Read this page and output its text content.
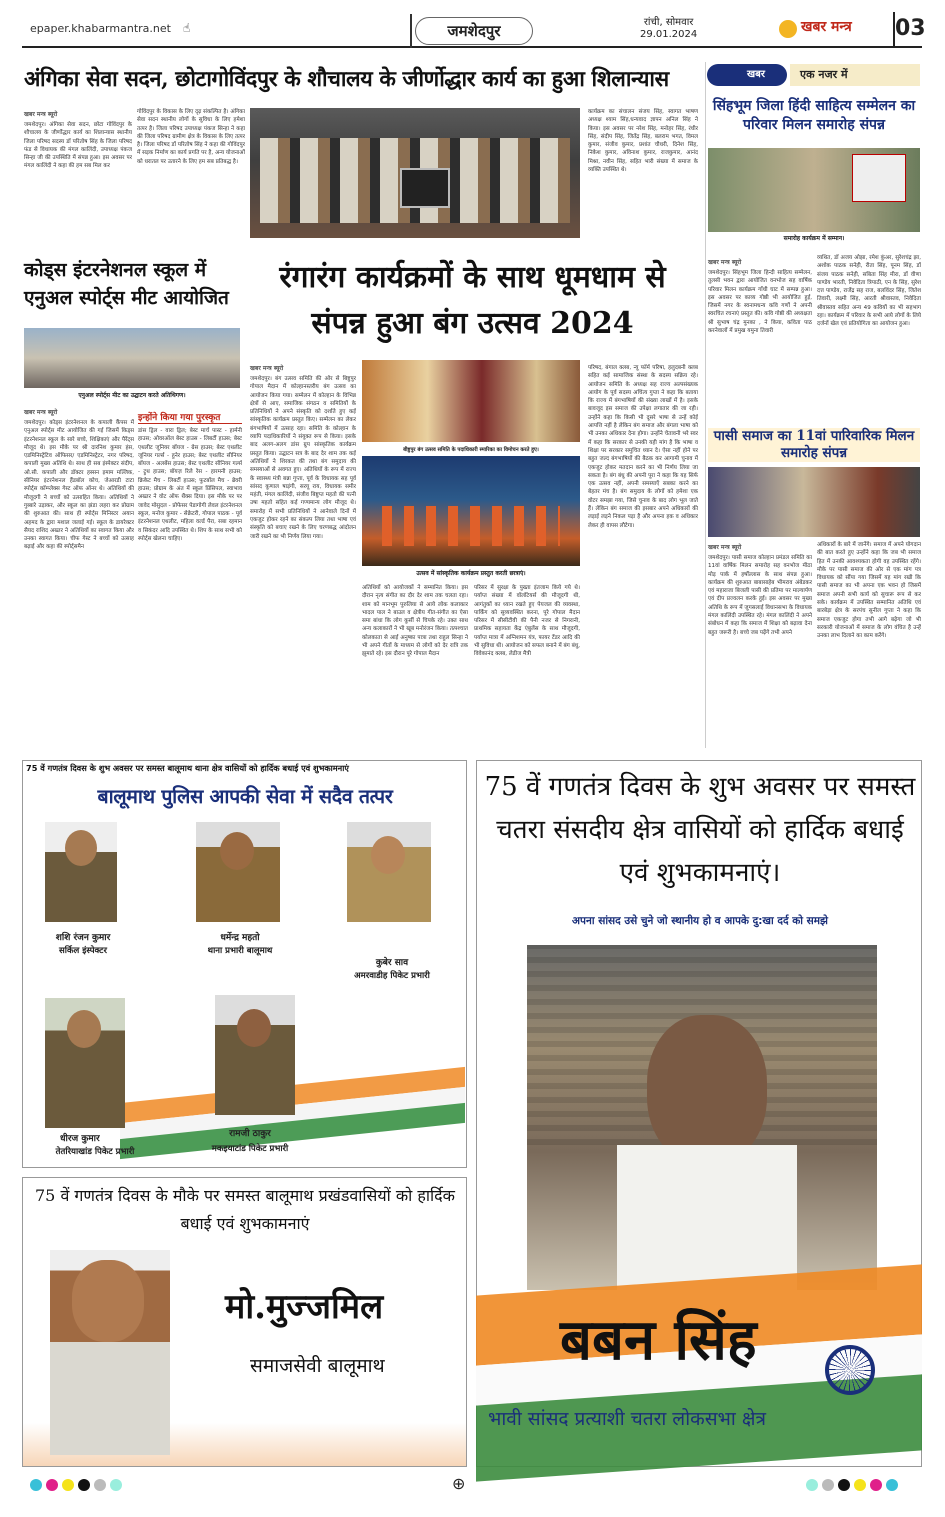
epaper.khabarmantra.net ☝	जमशेदपुर	रांची, सोमवार
29.01.2024	खबर मन्त्र 03
अंगिका सेवा सदन, छोटागोविंदपुर के शौचालय के जीर्णोद्धार कार्य का हुआ शिलान्यास
खबर मन्त्र ब्यूरो
जमशेदपुर। अंगिका सेवा सदन, छोटा गोविंदपुर के शौचालय के जीर्णोद्धार कार्य का शिलान्यास स्थानीय जिला परिषद सदस्य डॉ परितोष सिंह के जिला परिषद फंड से विधायक की मंगल कालिंदी, उपाध्यक्ष पंकज सिन्हा जी की उपस्थिति में संपन्न हुआ। इस अवसर पर मंगल कालिंदी ने कहा की हम सब मिल कर
गोविंदपुर के विकास के लिए दृढ़ संकल्पित है। अंगिका सेवा सदन स्थानीय लोगों के सुविधा के लिए हमेशा तत्पर है। जिला परिषद उपाध्यक्ष पंकज सिन्हा ने कहा की जिला परिषद ग्रामीण क्षेत्र के विकास के लिए तत्पर है। जिला परिषद डॉ परितोष सिंह ने कहा की गोविंदपुर में सड़क निर्माण का कार्य प्रगति पर है, अन्य योजनाओं को धरातल पर उतारने के लिए हम सब प्रतिबद्ध है।
कार्यक्रम का संचालन संजय सिंह, स्वागत भाषण अध्यक्ष श्याम सिंह,धन्यवाद ज्ञापन अनिल सिंह ने किया। इस अवसर पर नरेश सिंह, मनोहर सिंह, रंधीर सिंह, संदीप सिंह, जितेंद्र सिंह, बलराम भगत, विमल कुमार, संजीव कुमार, प्रशांत चौधरी, दिनेश सिंह, निकेश कुमार, अविनाश कुमार, राजकुमार, आनंद मिश्रा, नवीन सिंह, सहित भारी संख्या में समाज के व्यक्ति उपस्थित थे।
खबर	एक नजर में
सिंहभूम जिला हिंदी साहित्य सम्मेलन का परिवार मिलन समारोह संपन्न
समारोह कार्यक्रम में सम्मान।
खबर मन्त्र ब्यूरो
जमशेदपुर। सिंहभूम जिला हिन्दी साहित्य सम्मेलन, तुलसी भवन द्वारा आयोजित वनभोज सह वार्षिक परिवार मिलन कार्यक्रम गाँधी घाट में सम्पन्न हुआ। इस अवसर पर काव्य गोष्ठी भी आयोजित हुई, जिसमें नगर के स्वनामधन्य कवि गणों ने अपनी स्वरचित रचनाएं प्रस्तुत की। कवि गोष्ठी की अध्यक्षता श्री सुभाष चंद्र मुनका , ने किया, कविता पाठ करनेवालों में प्रमुख यमुना तिवारी
व्यथित, डॉ अजय ओझा, रमेश कुंअर, सुरेशचंद्र झा, अशोक पाठक सनेही, रीता सिंह, पूनम सिंह, डॉ संजय पाठक सनेही, सबिता सिंह मीरा, डॉ वीणा पाण्डेय भारती, निवेदिता त्रिपाठी, एन के सिंह, सुरेश दत्त पाण्डेय, राजेंद्र सह राज, बलविंदर सिंह, जितेश तिवारी, लक्ष्मी सिंह, आरती श्रीवास्तव, निवेदिता श्रीवास्तव सहित अन्य 49 कवियों का भी सहभाग रहा। कार्यक्रम में परिवार के सभी आये लोगों के लिये दर्जनों खेल एवं प्रतियोगिता का आयोजन हुआ।
पासी समाज का 11वां पारिवारिक मिलन समारोह संपन्न
खबर मन्त्र ब्यूरो
जमशेदपुर। पासी समाज कोल्हान प्रमंडल समिति का 11वां वार्षिक मिलन समारोह सह वनभोज मीठा मोड़ पार्क में हर्षोल्लास के साथ संपन्न हुआ। कार्यक्रम की शुरुआत बाबासाहेब भीमराव अंबेडकर एवं महाराजा बिजली पासी की प्रतिमा पर माल्यार्पण एवं दीप प्रज्वलन करके हुई। इस अवसर पर मुख्य अतिथि के रूप में जुगसलाई विधानसभा के विधायक मंगल कालिंदी उपस्थित रहे। मंगल कालिंदी ने अपने संबोधन में कहा कि समाज में शिक्षा को बढ़ावा देना बहुत जरूरी है। बच्चे जब पढ़ेंगे तभी अपने
अधिकारों के बारे में जानेंगे। समाज में अपने योगदान की बात करते हुए उन्होंने कहा कि जब भी समाज हित में उनकी आवश्यकता होगी वह उपस्थित रहेंगे। मौके पर पासी समाज की ओर से एक मांग पत्र विधायक को सौंपा गया जिसमें यह मांग रखी कि पासी समाज का भी अपना एक भवन हो जिसमें समाज अपनी सभी कार्य को सुचारू रूप से कर सके। कार्यक्रम में उपस्थित सम्मानित अतिथि एवं बारबेड़ा क्षेत्र के सरपंच सुनील गुप्ता ने कहा कि समाज एकजुट होगा तभी आगे बढ़ेगा जो भी सरकारी योजनाओं में समाज के लोग वंचित है उन्हें उनका लाभ दिलाने का काम करेंगे।
कोड्स इंटरनेशनल स्कूल में एनुअल स्पोर्ट्स मीट आयोजित
एनुअल स्पोर्ट्स मीट का उद्घाटन करते अतिथिगण।
खबर मन्त्र ब्यूरो
जमशेदपुर। कोड्स इंटरनेशनल के कपाली कैंपस में एनुअल स्पोर्ट्स मीट आयोजित की गई जिसमें किड्स इंटरनेशनल स्कूल के सारे बच्चे, शिक्षिकाएं और पैरेंट्स मौजूद थे। इस मौके पर श्री दारनिश कुमार हंस, एडमिनिस्ट्रेटिव ऑफिसर/ एडमिनिस्ट्रेटर, नगर परिषद, कपाली मुख्य अतिथि थे। साथ ही सब इंस्पेक्टर संदीप, ओ.सी. कपाली और डॉक्टर हस्सन इमाम मल्लिक, सीनियर इंटरनेशनल हैंडबॉल कोच, जेआरडी टाटा स्पोर्ट्स कॉम्प्लेक्स गेस्ट ऑफ ऑनर थे। अतिथियों की मौजूदगी ने बच्चों को उत्साहित किया। अतिथियों ने गुब्बारे उड़ाकर, और स्कूल का झंडा लहरा कर प्रोग्राम की शुरुआत की। साथ ही स्पोर्ट्स मिनिस्टर अयान अहमद के द्वारा मशाल जलाई गई। स्कूल के डायरेक्टर सैयद राशिद अख्तर ने अतिथियों का स्वागत किया और उनका स्वागत किया। चीफ गेस्ट ने बच्चों को उत्साह बढ़ाई और कहा की स्पोर्ट्समैन
इन्होंने किया गया पुरस्कृत
डांस ड्रिल - वारा ड्रिल; बेस्ट मार्च पास्ट - हार्मनी हाउस; ओवरऑल बेस्ट हाउस - लिबर्टी हाउस; बेस्ट एथलीट जूनियर बॉयज - ग्रेस हाउस; बेस्ट एथलीट जूनियर गर्ल्स - हुनेर हाउस; बेस्ट एथलीट सीनियर बॉयज - अलबेंस हाउस; बेस्ट एथलीट सीनियर गर्ल्स - ट्रुथ हाउस; बॉयज़ रिले रेस - हारमनी हाउस; क्रिकेट मैच - लिबर्टी हाउस; फुटबॉल मैच - ब्रेवरी हाउस; प्रोग्राम के अंत में स्कूल प्रिंसिपल, स्वाभाव अख्तर ने वोट ऑफ थैंक्स दिया। इस मौके पर पर जावेद मोसुदल - प्रोफेसर पेडागोगी लेवल इंटरनेशनल स्कूल, मनोज कुमार - सेक्रेटरी, गोपाल पाठक - पूर्व इंटरनेशनल एथलीट, महिला वर्ल्ड पैरा, सबा रहमान व सिकंदर आदि उपस्थित थे। शिप के साथ सभी को स्पोर्ट्स खेलना चाहिए।
रंगारंग कार्यक्रमों के साथ धूमधाम से संपन्न हुआ बंग उत्सव 2024
खबर मन्त्र ब्यूरो
जमशेदपुर। बंग उत्सव समिति की ओर से बिष्टुपुर गोपाल मैदान में कोल्हानस्तरीय बंग उत्सव का आयोजन किया गया। सम्मेलन में कोल्हान के विभिन्न क्षेत्रों से आए, समाजिक संगठन व समितियों के प्रतिनिधियों ने अपने संस्कृति को दर्शाते हुए कई सांस्कृतिक कार्यक्रम प्रस्तुत किए। सम्मेलन का लेकर बंगभाषियों में उत्साह रहा। समिति के कोल्हान के व्यापि पदाधिकारियों ने संयुक्त रूप से किया। इसके बाद अलग-अलग डांस ग्रुप सांस्कृतिक कार्यक्रम प्रस्तुत किया। उद्घाटन सत्र के बाद देर शाम तक कई अतिथियों ने शिरकत की तथा बंग समुदाय की समस्याओं से अवगत हुए। अतिथियों के रूप में राज्य के स्वास्थ्य मंत्री बन्ना गुप्ता, पूर्व के विधायक सह पूर्व सांसद कुणाल षाड़ंगी, सरयू राय, विधायक समीर महंती, मंगल कालिंदी, संजीव बिष्टुप्त महतो की पत्नी उषा महतो सहित कई गण्यमान्य लोग मौजूद थे। समारोह में सभी प्रतिनिधियों ने आनेवाले दिनों में एकजुट होकर रहने का संकल्प लिया तथा भाषा एवं संस्कृति को बचाए रखने के लिए चरणबद्ध आंदोलन जारी रखने का भी निर्णय लिया गया।
बीष्टुपुर बंग उत्सव समिति के पदाधिकारी स्मारिका का विमोचन करते हुए।
उत्सव में सांस्कृतिक कार्यक्रम प्रस्तुत करती छात्राएं।
अतिथियों को आयोजकों ने सम्मानित किया। इस दौरान नृत्य संगीत का दौर देर शाम तक चलता रहा। शाम को मानभूम पुरुलिया से आये लोक कलाकार भादल पाल ने बाउल व क्षेत्रीय गीत-संगीत का ऐसा समा बांधा कि लोग कुर्सी से चिपके रहे। उक्त साथ अन्य कलाकारों ने भी खूब मनोरंजन किया। तत्पश्चात कोलकाता से आई अनुष्का पात्रा तथा राहुल सिन्हा ने भी अपने गीतों के माध्यम से लोगों को देर रात्रि तक झुमाते रहे। इस दौरान पूरे गोपाल मैदान
परिसर में सुरक्षा के पुख्ता इंतजाम किये गये थे। पर्याप्त संख्या में वॉलंटियर्स की मौजूदगी थी, आगंतुकों का ध्यान रखते हुए पेयजल की व्यवस्था, पार्किंग को सुव्यवस्थित करना, पूरे गोपाल मैदान परिसर में सीसीटीवी की पैनी नजर से निगरानी, प्राथमिक सहायता केंद्र एंबुलेंस के साथ मौजूदगी, पर्याप्त मात्रा में अग्निशमन यंत्र, फायर टेंडर आदि की भी सुविधा थी। आयोजन को सफल बनाने में बंग बंधु, विवेकानंद क्लब, लेडीज मैत्री
परिषद, बंगाल क्लब, न्यू फॉर्म परिषा, हलुदबनी क्लब सहित कई सामाजिक संस्था के सदस्य सक्रिय रहे। आयोजन समिति के अध्यक्ष सह राज्य अल्पसंख्यक आयोग के पूर्व सदस्य अचिंत्य गुप्ता ने कहा कि बताया कि राज्य में बंगभाषियों की संख्या लाखों में है। इसके बावजूद इस समाज की उपेक्षा लगातार की जा रही। उन्होंने कहा कि किसी भी दूसरे भाषा से उन्हें कोई आपत्ति नहीं है लेकिन बंग समाज और बंगला भाषा को भी उनका अधिकार देना होगा। उन्होंने चेतावनी भरे स्वर में कहा कि सरकार से उनकी यही मांग है कि भाषा व शिक्षा पर सरकार समुचित ध्यान दे। ऐसा नहीं होने पर बहुत जल्द बंगभाषियों की बैठक कर आगामी चुनाव में एकजुट होकर मतदान करने का भी निर्णय लिया जा सकता है। बंग बंधु की अपनी पूरा ने कहा कि यह सिर्फ एक उत्सव नहीं, अपनी समस्याएँ सबका करने का बेहतर मंच है। बंग समुदाय के लोगों को हमेशा एक वोटर समझा गया, जिसे चुनाव के बाद लोग भूल जाते हैं। लेकिन बंग समाज की इसबार अपने अधिकारों की लड़ाई लड़ने निकल पड़ा है और अपना हक व अधिकार लेकर ही वापस लौटेगा।
75 वें गणतंत्र दिवस के शुभ अवसर पर समस्त बालूमाथ थाना क्षेत्र वासियों को हार्दिक बधाई एवं शुभकामनाएं
बालूमाथ पुलिस आपकी सेवा में सदैव तत्पर
शशि रंजन कुमार
सर्किल इंस्पेक्टर
धर्मेन्द्र महतो
थाना प्रभारी बालूमाथ
कुबेर साव
अमरवाडीह पिकेट प्रभारी
धीरज कुमार
तेतरियाखांड पिकेट प्रभारी
रामजी ठाकुर
मकइयाटांड पिकेट प्रभारी
75 वें गणतंत्र दिवस के मौके पर समस्त बालूमाथ प्रखंडवासियों को हार्दिक बधाई एवं शुभकामनाएं
मो.मुज्जमिल
समाजसेवी बालूमाथ
75 वें गणतंत्र दिवस के शुभ अवसर पर समस्त चतरा संसदीय क्षेत्र वासियों को हार्दिक बधाई एवं शुभकामनाएं।
अपना सांसद उसे चुने जो स्थानीय हो व आपके दु:खा दर्द को समझे
बबन सिंह
भावी सांसद प्रत्याशी चतरा लोकसभा क्षेत्र
⊕
